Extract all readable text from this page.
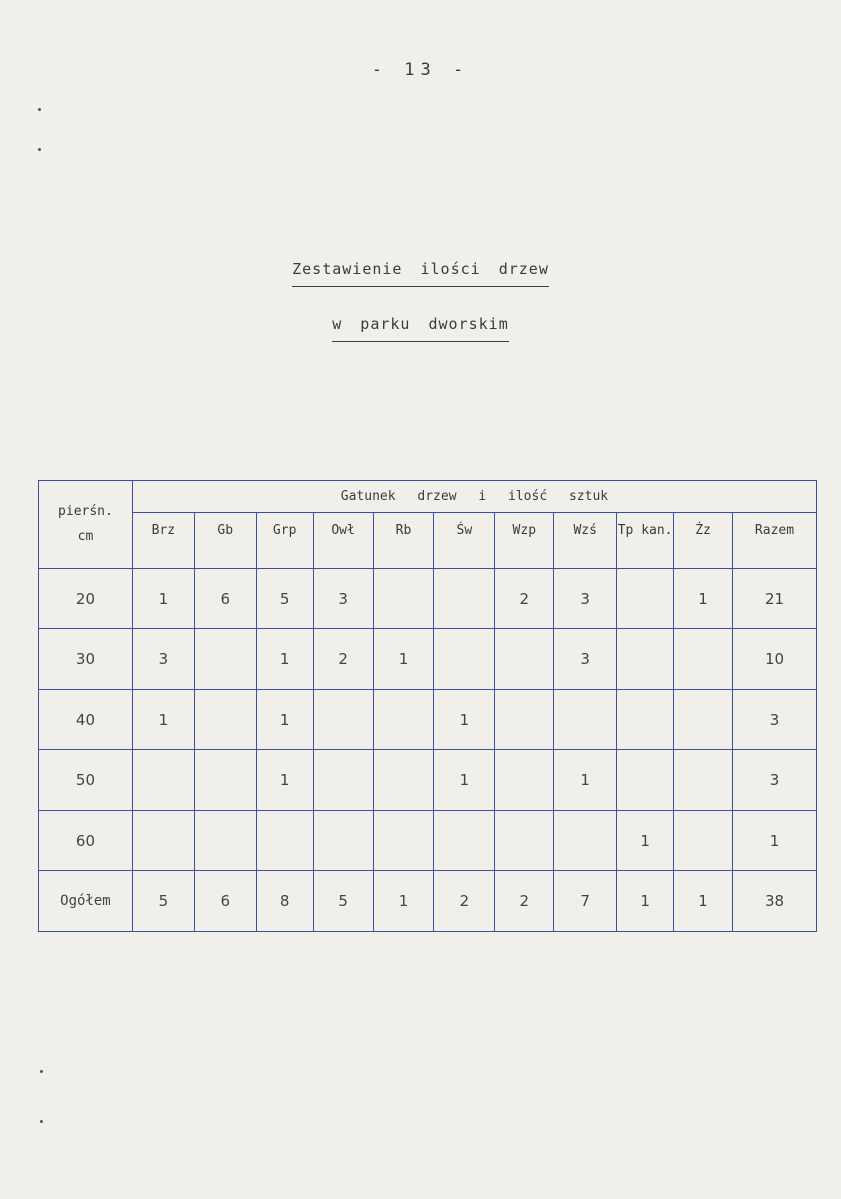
- 13 -
Zestawienie ilości drzew
w parku dworskim
pierśn.
cm	Gatunek drzew i ilość sztuk										
	Brz	Gb	Grp	Owł	Rb	Św	Wzp	Wzś	Tp kan.	Żz	Razem
20	1	6	5	3			2	3		1	21
30	3		1	2	1			3			10
40	1		1			1					3
50			1			1		1			3
60									1		1
Ogółem	5	6	8	5	1	2	2	7	1	1	38
